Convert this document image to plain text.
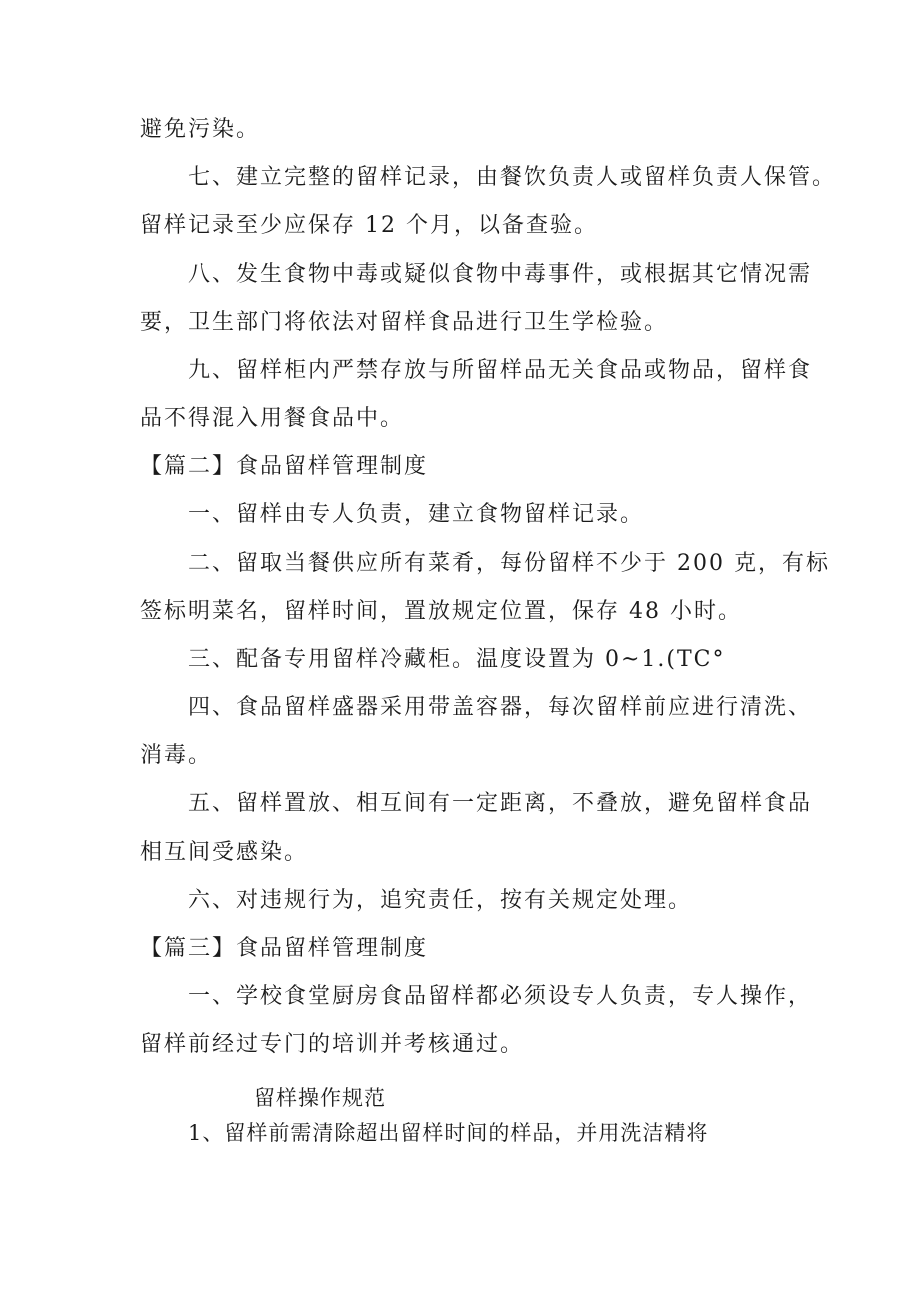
避免污染。
七、建立完整的留样记录，由餐饮负责人或留样负责人保管。
留样记录至少应保存 12 个月，以备查验。
八、发生食物中毒或疑似食物中毒事件，或根据其它情况需
要，卫生部门将依法对留样食品进行卫生学检验。
九、留样柜内严禁存放与所留样品无关食品或物品，留样食
品不得混入用餐食品中。
【篇二】食品留样管理制度
一、留样由专人负责，建立食物留样记录。
二、留取当餐供应所有菜肴，每份留样不少于 200 克，有标
签标明菜名，留样时间，置放规定位置，保存 48 小时。
三、配备专用留样冷藏柜。温度设置为 0~1.(TC°
四、食品留样盛器采用带盖容器，每次留样前应进行清洗、
消毒。
五、留样置放、相互间有一定距离，不叠放，避免留样食品
相互间受感染。
六、对违规行为，追究责任，按有关规定处理。
【篇三】食品留样管理制度
一、学校食堂厨房食品留样都必须设专人负责，专人操作，
留样前经过专门的培训并考核通过。
留样操作规范
1、留样前需清除超出留样时间的样品，并用洗洁精将
